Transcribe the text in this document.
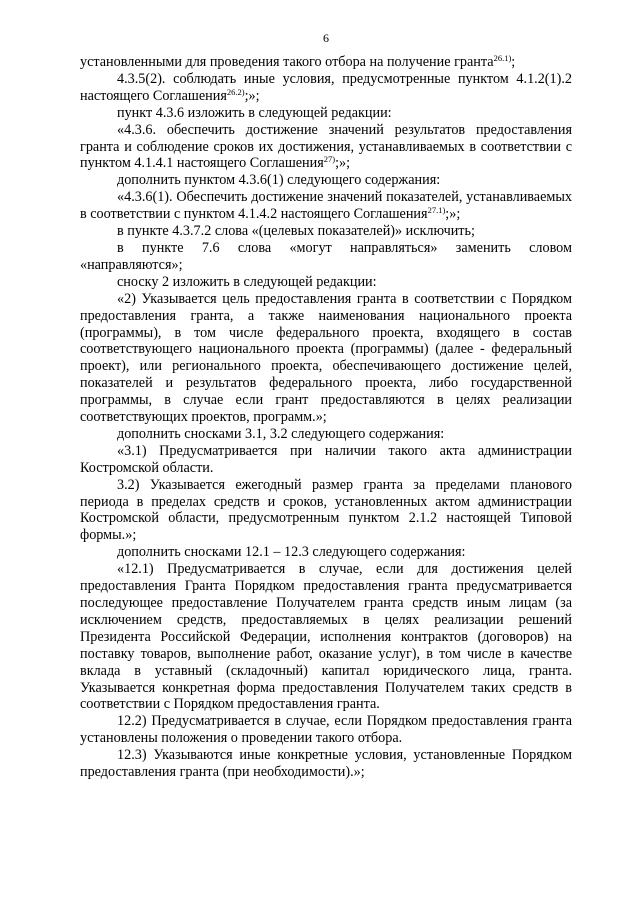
6

установленными для проведения такого отбора на получение гранта$^{26.1)}$;

4.3.5(2). соблюдать иные условия, предусмотренные пунктом 4.1.2(1).2 настоящего Соглашения$^{26.2)}$;»;

пункт 4.3.6 изложить в следующей редакции:

«4.3.6. обеспечить достижение значений результатов предоставления гранта и соблюдение сроков их достижения, устанавливаемых в соответствии с пунктом 4.1.4.1 настоящего Соглашения$^{27)}$;»;

дополнить пунктом 4.3.6(1) следующего содержания:

«4.3.6(1). Обеспечить достижение значений показателей, устанавливаемых в соответствии с пунктом 4.1.4.2 настоящего Соглашения$^{27.1)}$;»;

в пункте 4.3.7.2 слова «(целевых показателей)» исключить;

в пункте 7.6 слова «могут направляться» заменить словом «направляются»;

сноску 2 изложить в следующей редакции:

«2) Указывается цель предоставления гранта в соответствии с Порядком предоставления гранта, а также наименования национального проекта (программы), в том числе федерального проекта, входящего в состав соответствующего национального проекта (программы) (далее - федеральный проект), или регионального проекта, обеспечивающего достижение целей, показателей и результатов федерального проекта, либо государственной программы, в случае если грант предоставляются в целях реализации соответствующих проектов, программ.»;

дополнить сносками 3.1, 3.2 следующего содержания:

«3.1) Предусматривается при наличии такого акта администрации Костромской области.

3.2) Указывается ежегодный размер гранта за пределами планового периода в пределах средств и сроков, установленных актом администрации Костромской области, предусмотренным пунктом 2.1.2 настоящей Типовой формы.»;

дополнить сносками 12.1 – 12.3 следующего содержания:

«12.1) Предусматривается в случае, если для достижения целей предоставления Гранта Порядком предоставления гранта предусматривается последующее предоставление Получателем гранта средств иным лицам (за исключением средств, предоставляемых в целях реализации решений Президента Российской Федерации, исполнения контрактов (договоров) на поставку товаров, выполнение работ, оказание услуг), в том числе в качестве вклада в уставный (складочный) капитал юридического лица, гранта. Указывается конкретная форма предоставления Получателем таких средств в соответствии с Порядком предоставления гранта.

12.2) Предусматривается в случае, если Порядком предоставления гранта установлены положения о проведении такого отбора.

12.3) Указываются иные конкретные условия, установленные Порядком предоставления гранта (при необходимости).»;
